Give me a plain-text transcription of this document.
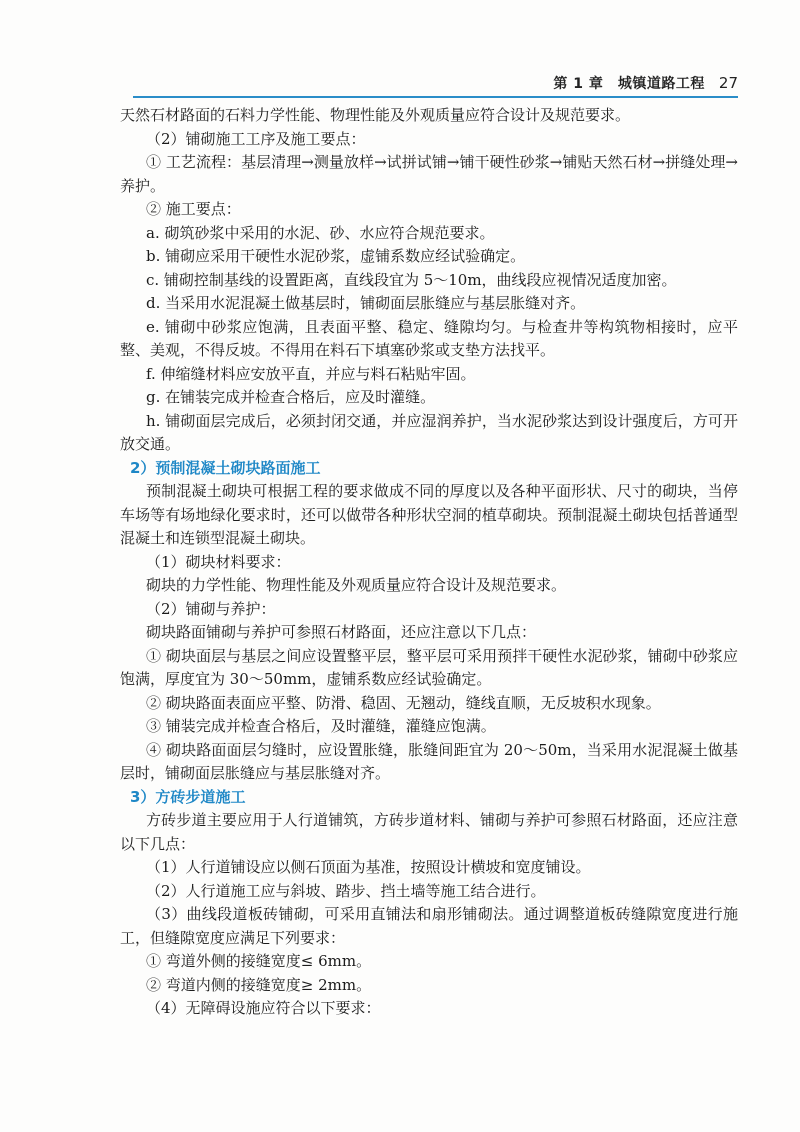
第 1 章　城镇道路工程 27

天然石材路面的石料力学性能、物理性能及外观质量应符合设计及规范要求。

（2）铺砌施工工序及施工要点：

① 工艺流程：基层清理→测量放样→试拼试铺→铺干硬性砂浆→铺贴天然石材→拼缝处理→养护。

② 施工要点：

a. 砌筑砂浆中采用的水泥、砂、水应符合规范要求。

b. 铺砌应采用干硬性水泥砂浆，虚铺系数应经试验确定。

c. 铺砌控制基线的设置距离，直线段宜为 5～10m，曲线段应视情况适度加密。

d. 当采用水泥混凝土做基层时，铺砌面层胀缝应与基层胀缝对齐。

e. 铺砌中砂浆应饱满，且表面平整、稳定、缝隙均匀。与检查井等构筑物相接时，应平整、美观，不得反坡。不得用在料石下填塞砂浆或支垫方法找平。

f. 伸缩缝材料应安放平直，并应与料石粘贴牢固。

g. 在铺装完成并检查合格后，应及时灌缝。

h. 铺砌面层完成后，必须封闭交通，并应湿润养护，当水泥砂浆达到设计强度后，方可开放交通。

2）预制混凝土砌块路面施工

预制混凝土砌块可根据工程的要求做成不同的厚度以及各种平面形状、尺寸的砌块，当停车场等有场地绿化要求时，还可以做带各种形状空洞的植草砌块。预制混凝土砌块包括普通型混凝土和连锁型混凝土砌块。

（1）砌块材料要求：

砌块的力学性能、物理性能及外观质量应符合设计及规范要求。

（2）铺砌与养护：

砌块路面铺砌与养护可参照石材路面，还应注意以下几点：

① 砌块面层与基层之间应设置整平层，整平层可采用预拌干硬性水泥砂浆，铺砌中砂浆应饱满，厚度宜为 30～50mm，虚铺系数应经试验确定。

② 砌块路面表面应平整、防滑、稳固、无翘动，缝线直顺，无反坡积水现象。

③ 铺装完成并检查合格后，及时灌缝，灌缝应饱满。

④ 砌块路面面层匀缝时，应设置胀缝，胀缝间距宜为 20～50m，当采用水泥混凝土做基层时，铺砌面层胀缝应与基层胀缝对齐。

3）方砖步道施工

方砖步道主要应用于人行道铺筑，方砖步道材料、铺砌与养护可参照石材路面，还应注意以下几点：

（1）人行道铺设应以侧石顶面为基准，按照设计横坡和宽度铺设。

（2）人行道施工应与斜坡、踏步、挡土墙等施工结合进行。

（3）曲线段道板砖铺砌，可采用直铺法和扇形铺砌法。通过调整道板砖缝隙宽度进行施工，但缝隙宽度应满足下列要求：

① 弯道外侧的接缝宽度≤ 6mm。

② 弯道内侧的接缝宽度≥ 2mm。

（4）无障碍设施应符合以下要求：
